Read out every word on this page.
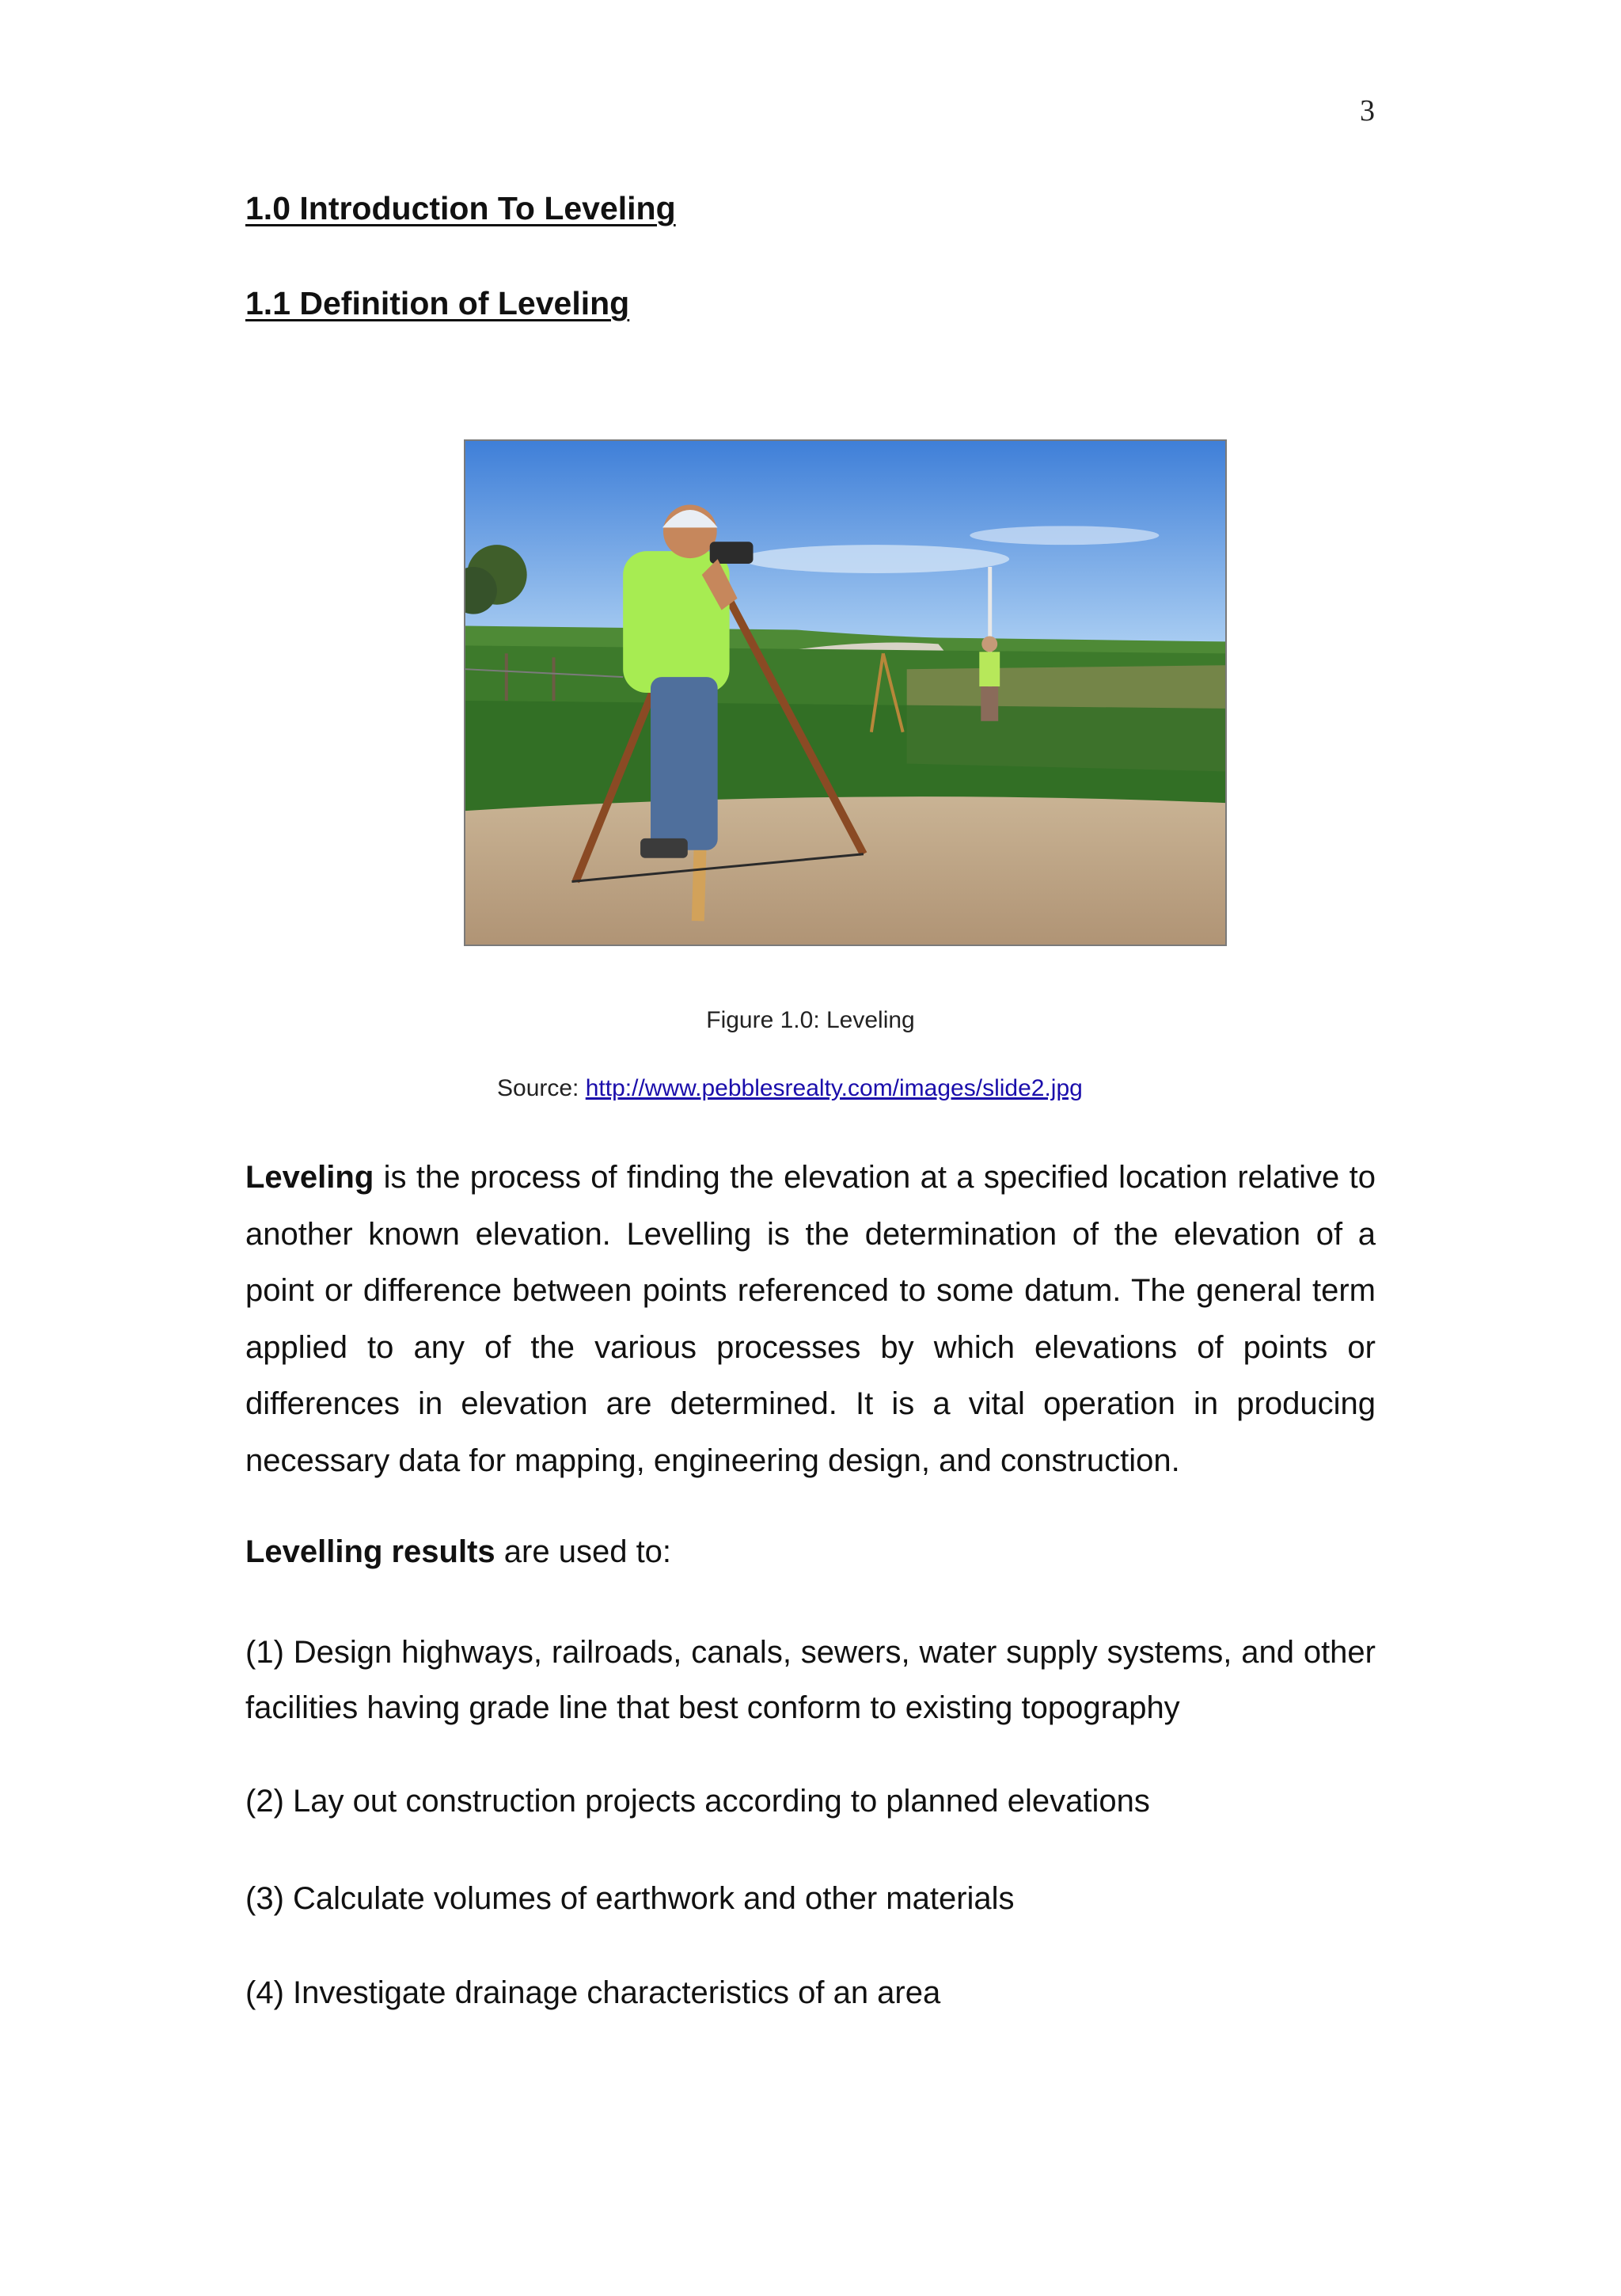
3
1.0 Introduction To Leveling
1.1 Definition of Leveling
Figure 1.0: Leveling
Source: http://www.pebblesrealty.com/images/slide2.jpg

Leveling is the process of finding the elevation at a specified location relative to another known elevation. Levelling is the determination of the elevation of a point or difference between points referenced to some datum. The general term applied to any of the various processes by which elevations of points or differences in elevation are determined. It is a vital operation in producing necessary data for mapping, engineering design, and construction.

Levelling results are used to:

(1) Design highways, railroads, canals, sewers, water supply systems, and other facilities having grade line that best conform to existing topography

(2) Lay out construction projects according to planned elevations

(3) Calculate volumes of earthwork and other materials

(4) Investigate drainage characteristics of an area
